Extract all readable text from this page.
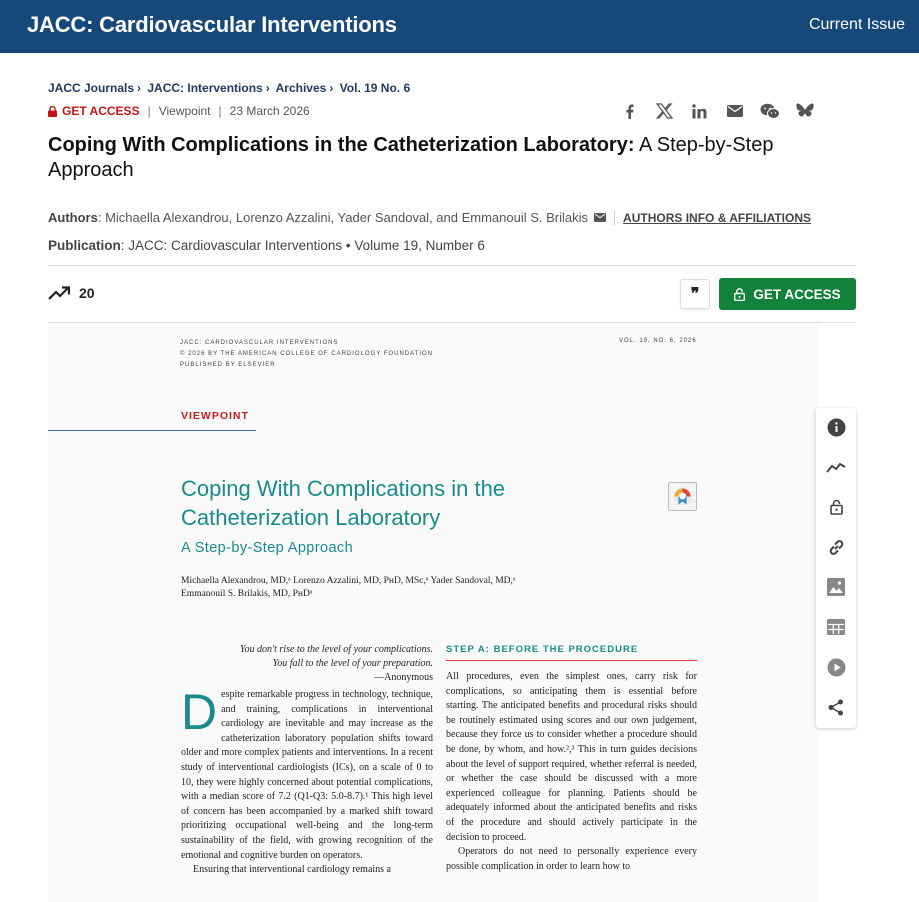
JACC: Cardiovascular Interventions	Current Issue
JACC Journals › JACC: Interventions › Archives › Vol. 19 No. 6
GET ACCESS | Viewpoint | 23 March 2026
Coping With Complications in the Catheterization Laboratory: A Step-by-Step Approach
Authors : Michaella Alexandrou, Lorenzo Azzalini, Yader Sandoval, and Emmanouil S. Brilakis	AUTHORS INFO & AFFILIATIONS
Publication: JACC: Cardiovascular Interventions • Volume 19, Number 6
20	❞	GET ACCESS
JACC: CARDIOVASCULAR INTERVENTIONS
© 2026 BY THE AMERICAN COLLEGE OF CARDIOLOGY FOUNDATION
PUBLISHED BY ELSEVIER
VOL. 19, NO. 6, 2026
VIEWPOINT
Coping With Complications in the Catheterization Laboratory
A Step-by-Step Approach
Michaella Alexandrou, MD,ᵃ Lorenzo Azzalini, MD, PʜD, MSc,ᵃ Yader Sandoval, MD,ᵃ
Emmanouil S. Brilakis, MD, PʜDᵃ
You don't rise to the level of your complications.
You fall to the level of your preparation.
—Anonymous
Despite remarkable progress in technology, technique, and training, complications in interventional cardiology are inevitable and may increase as the catheterization laboratory population shifts toward older and more complex patients and interventions. In a recent study of interventional cardiologists (ICs), on a scale of 0 to 10, they were highly concerned about potential complications, with a median score of 7.2 (Q1-Q3: 5.0-8.7).¹ This high level of concern has been accompanied by a marked shift toward prioritizing occupational well-being and the long-term sustainability of the field, with growing recognition of the emotional and cognitive burden on operators.
Ensuring that interventional cardiology remains a
STEP A: BEFORE THE PROCEDURE

All procedures, even the simplest ones, carry risk for complications, so anticipating them is essential before starting. The anticipated benefits and procedural risks should be routinely estimated using scores and our own judgement, because they force us to consider whether a procedure should be done, by whom, and how.²,³ This in turn guides decisions about the level of support required, whether referral is needed, or whether the case should be discussed with a more experienced colleague for planning. Patients should be adequately informed about the anticipated benefits and risks of the procedure and should actively participate in the decision to proceed.

Operators do not need to personally experience every possible complication in order to learn how to
